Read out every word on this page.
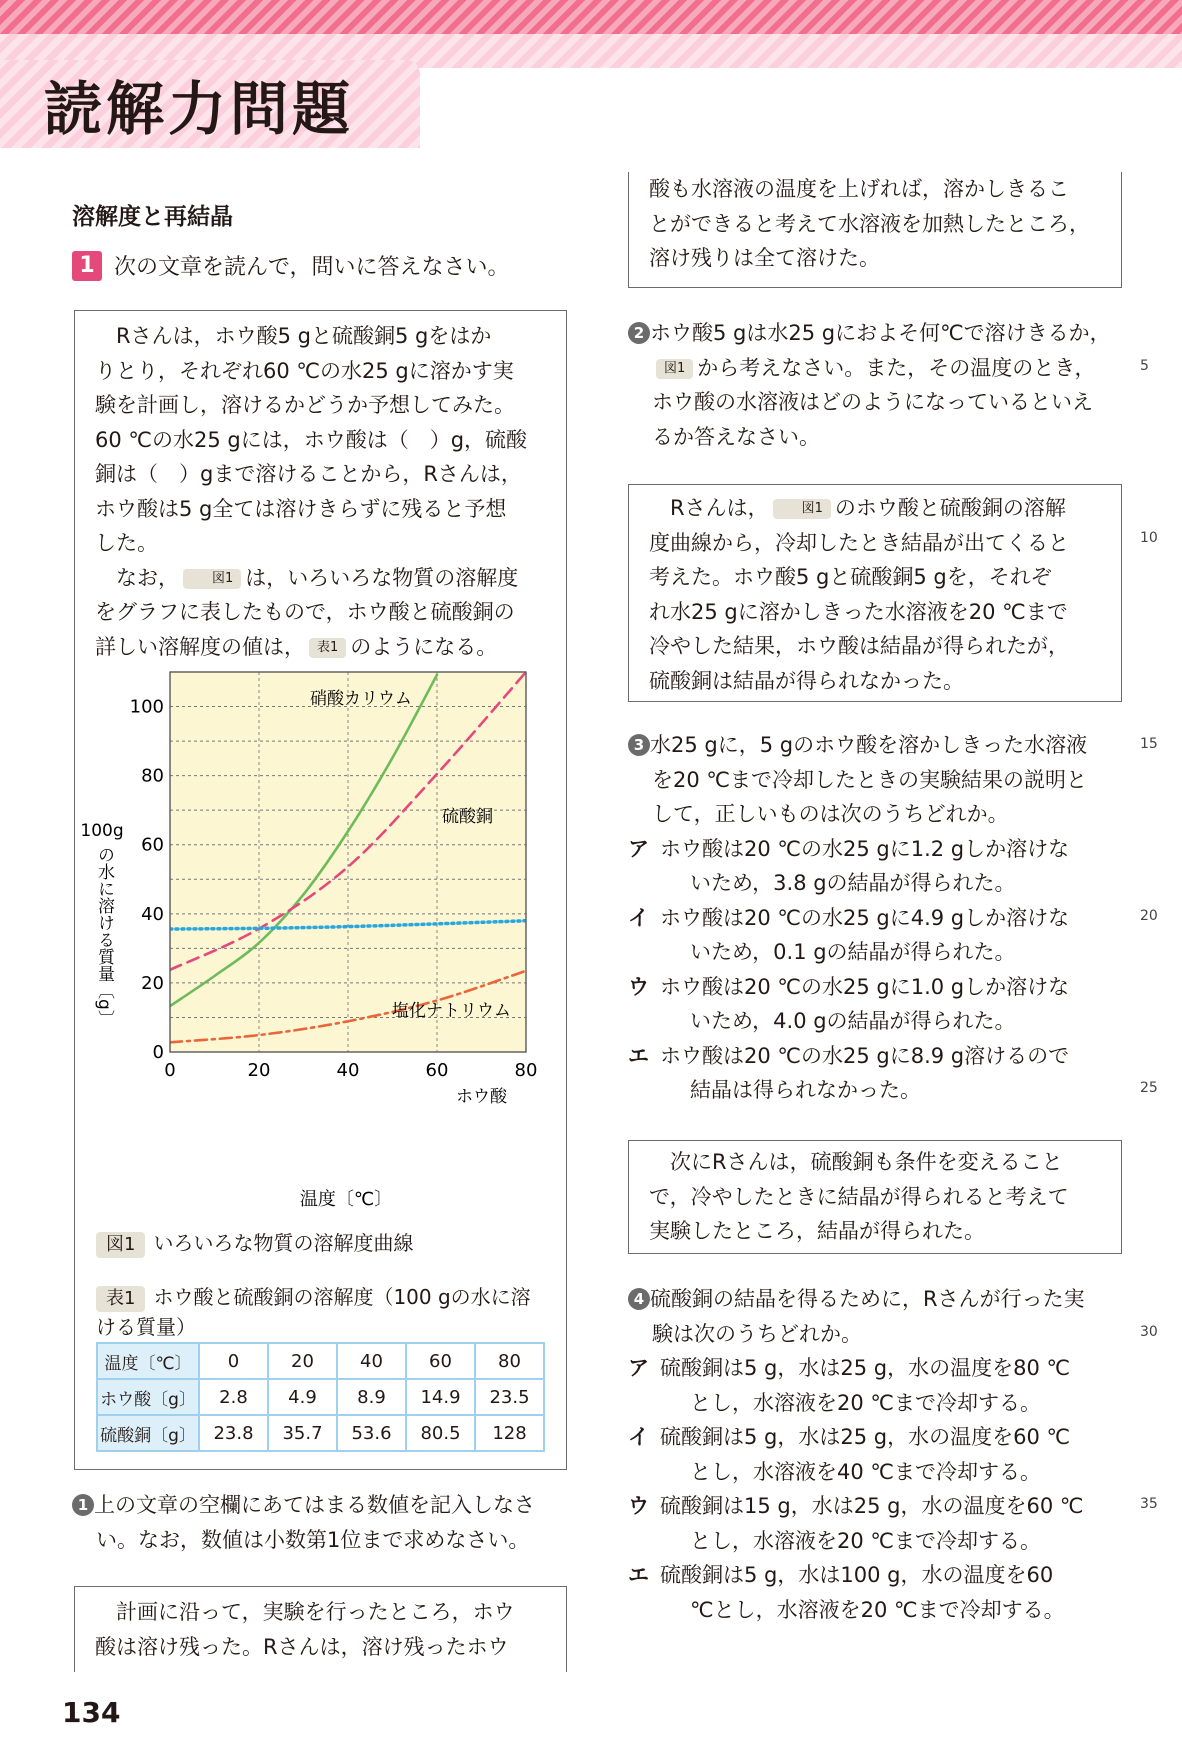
読解力問題
溶解度と再結晶
1 次の文章を読んで，問いに答えなさい。

Rさんは，ホウ酸5 gと硫酸銅5 gをはか

りとり，それぞれ60 ℃の水25 gに溶かす実

験を計画し，溶けるかどうか予想してみた。

60 ℃の水25 gには，ホウ酸は（　）g，硫酸

銅は（　）gまで溶けることから，Rさんは，

ホウ酸は5 g全ては溶けきらずに残ると予想

した。

なお，	図1 は，いろいろな物質の溶解度

をグラフに表したもので，ホウ酸と硫酸銅の

詳しい溶解度の値は， 表1 のようになる。

0	20	40	60	80
0
20
40
60
80
100
温度〔℃〕
100g
の水に溶ける質量〔g〕
硝酸カリウム
硫酸銅
塩化ナトリウム
ホウ酸
図1 いろいろな物質の溶解度曲線
表1 ホウ酸と硫酸銅の溶解度（100 gの水に溶
ける質量）
温度〔℃〕	0	20	40	60	80
ホウ酸〔g〕	2.8	4.9	8.9	14.9	23.5
硫酸銅〔g〕	23.8	35.7	53.6	80.5	128
1 上の文章の空欄にあてはまる数値を記入しなさ
い。なお，数値は小数第1位まで求めなさい。

計画に沿って，実験を行ったところ，ホウ

酸は溶け残った。Rさんは，溶け残ったホウ

134

酸も水溶液の温度を上げれば，溶かしきるこ

とができると考えて水溶液を加熱したところ，

溶け残りは全て溶けた。

2 ホウ酸5 gは水25 gにおよそ何℃で溶けきるか，
図1 から考えなさい。また，その温度のとき，
ホウ酸の水溶液はどのようになっているといえ
るか答えなさい。

Rさんは，	図1 のホウ酸と硫酸銅の溶解

度曲線から，冷却したとき結晶が出てくると

考えた。ホウ酸5 gと硫酸銅5 gを，それぞ

れ水25 gに溶かしきった水溶液を20 ℃まで

冷やした結果，ホウ酸は結晶が得られたが，

硫酸銅は結晶が得られなかった。

3 水25 gに，5 gのホウ酸を溶かしきった水溶液
を20 ℃まで冷却したときの実験結果の説明と
して，正しいものは次のうちどれか。
ア ホウ酸は20 ℃の水25 gに1.2 gしか溶けな
いため，3.8 gの結晶が得られた。
イ ホウ酸は20 ℃の水25 gに4.9 gしか溶けな
いため，0.1 gの結晶が得られた。
ウ ホウ酸は20 ℃の水25 gに1.0 gしか溶けな
いため，4.0 gの結晶が得られた。
エ ホウ酸は20 ℃の水25 gに8.9 g溶けるので
結晶は得られなかった。

次にRさんは，硫酸銅も条件を変えること

で，冷やしたときに結晶が得られると考えて

実験したところ，結晶が得られた。

4 硫酸銅の結晶を得るために，Rさんが行った実
験は次のうちどれか。
ア 硫酸銅は5 g，水は25 g，水の温度を80 ℃
とし，水溶液を20 ℃まで冷却する。
イ 硫酸銅は5 g，水は25 g，水の温度を60 ℃
とし，水溶液を40 ℃まで冷却する。
ウ 硫酸銅は15 g，水は25 g，水の温度を60 ℃
とし，水溶液を20 ℃まで冷却する。
エ 硫酸銅は5 g，水は100 g，水の温度を60
℃とし，水溶液を20 ℃まで冷却する。
5
10
15
20
25
30
35
